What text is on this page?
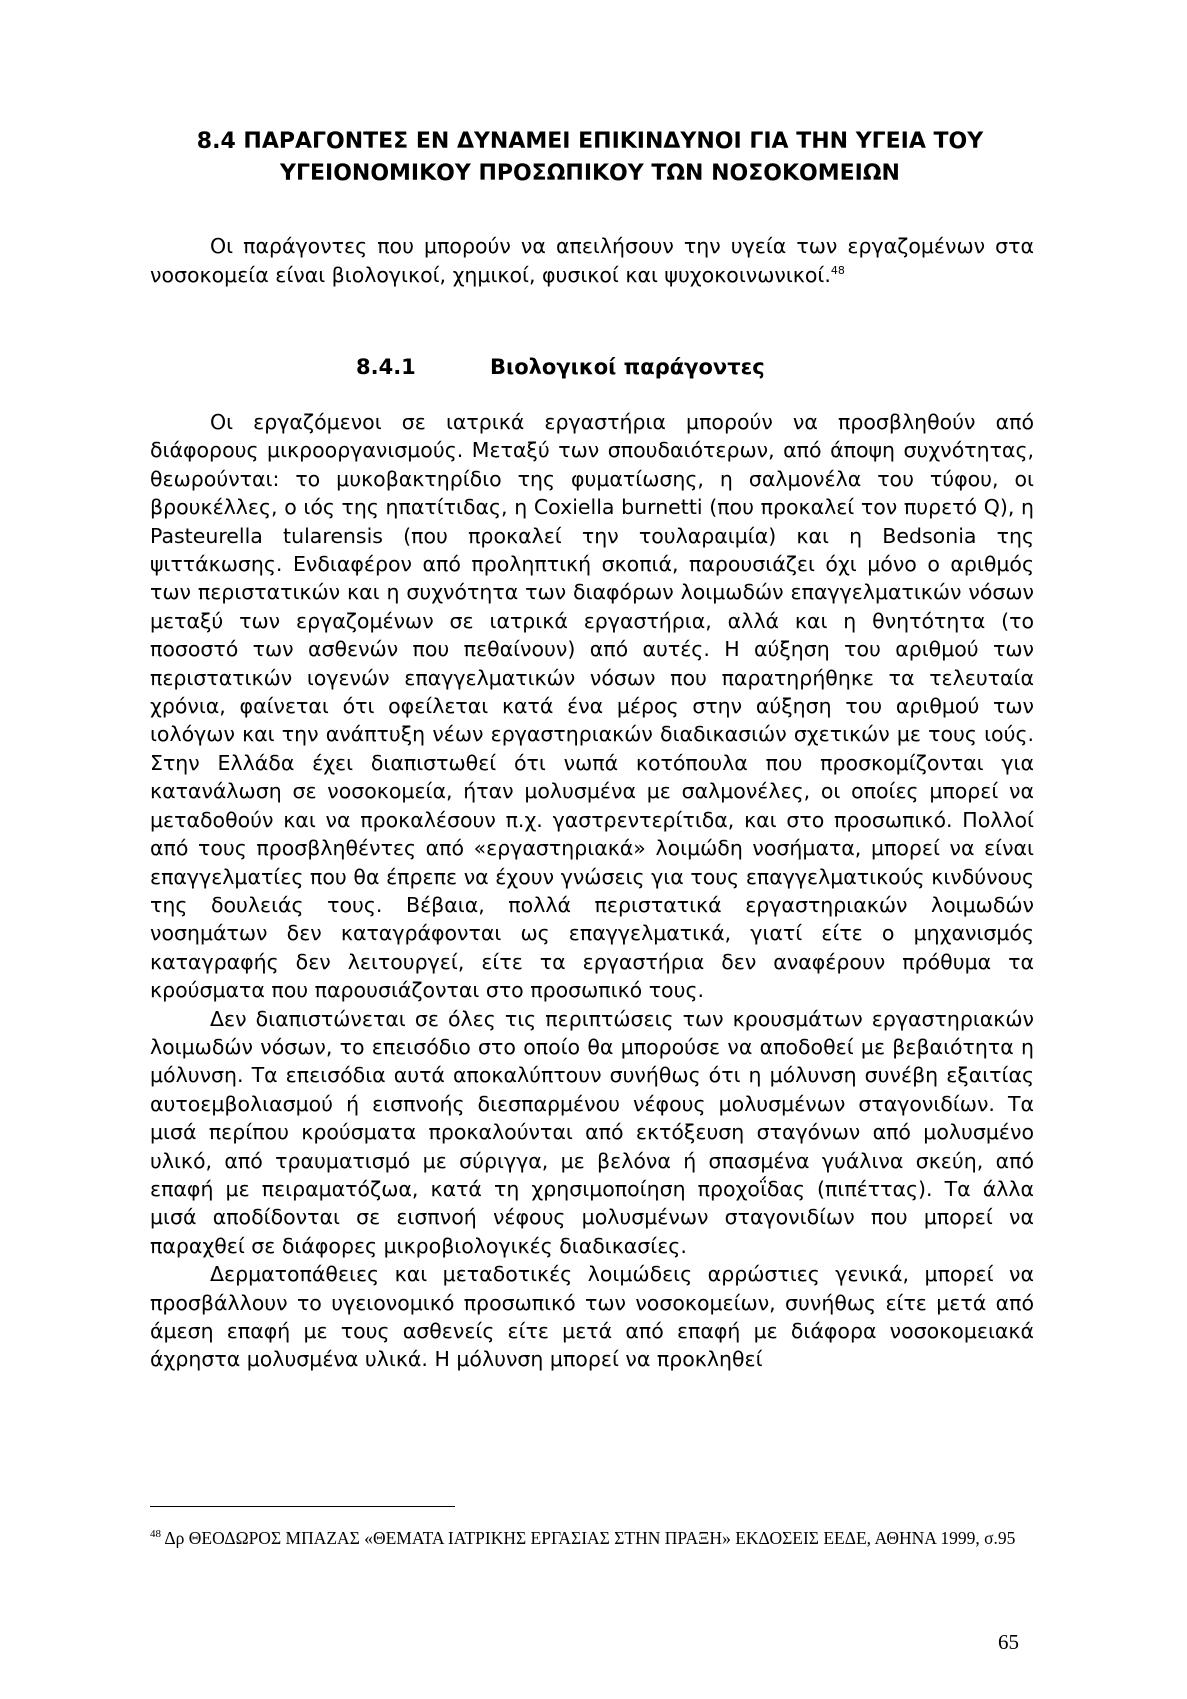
8.4 ΠΑΡΑΓΟΝΤΕΣ ΕΝ ΔΥΝΑΜΕΙ ΕΠΙΚΙΝΔΥΝΟΙ ΓΙΑ ΤΗΝ ΥΓΕΙΑ ΤΟΥ
ΥΓΕΙΟΝΟΜΙΚΟΥ ΠΡΟΣΩΠΙΚΟΥ ΤΩΝ ΝΟΣΟΚΟΜΕΙΩΝ

Οι παράγοντες που μπορούν να απειλήσουν την υγεία των εργαζομένων στα νοσοκομεία είναι βιολογικοί, χημικοί, φυσικοί και ψυχοκοινωνικοί.$^{48}$

8.4.1	Βιολογικοί παράγοντες

Οι εργαζόμενοι σε ιατρικά εργαστήρια μπορούν να προσβληθούν από διάφορους μικροοργανισμούς. Μεταξύ των σπουδαιότερων, από άποψη συχνότητας, θεωρούνται: το μυκοβακτηρίδιο της φυματίωσης, η σαλμονέλα του τύφου, οι βρουκέλλες, ο ιός της ηπατίτιδας, η Coxiella burnetti (που προκαλεί τον πυρετό Q), η Pasteurella tularensis (που προκαλεί την τουλαραιμία) και η Bedsonia της ψιττάκωσης. Ενδιαφέρον από προληπτική σκοπιά, παρουσιάζει όχι μόνο ο αριθμός των περιστατικών και η συχνότητα των διαφόρων λοιμωδών επαγγελματικών νόσων μεταξύ των εργαζομένων σε ιατρικά εργαστήρια, αλλά και η θνητότητα (το ποσοστό των ασθενών που πεθαίνουν) από αυτές. Η αύξηση του αριθμού των περιστατικών ιογενών επαγγελματικών νόσων που παρατηρήθηκε τα τελευταία χρόνια, φαίνεται ότι οφείλεται κατά ένα μέρος στην αύξηση του αριθμού των ιολόγων και την ανάπτυξη νέων εργαστηριακών διαδικασιών σχετικών με τους ιούς. Στην Ελλάδα έχει διαπιστωθεί ότι νωπά κοτόπουλα που προσκομίζονται για κατανάλωση σε νοσοκομεία, ήταν μολυσμένα με σαλμονέλες, οι οποίες μπορεί να μεταδοθούν και να προκαλέσουν π.χ. γαστρεντερίτιδα, και στο προσωπικό. Πολλοί από τους προσβληθέντες από «εργαστηριακά» λοιμώδη νοσήματα, μπορεί να είναι επαγγελματίες που θα έπρεπε να έχουν γνώσεις για τους επαγγελματικούς κινδύνους της δουλειάς τους. Βέβαια, πολλά περιστατικά εργαστηριακών λοιμωδών νοσημάτων δεν καταγράφονται ως επαγγελματικά, γιατί είτε ο μηχανισμός καταγραφής δεν λειτουργεί, είτε τα εργαστήρια δεν αναφέρουν πρόθυμα τα κρούσματα που παρουσιάζονται στο προσωπικό τους.

Δεν διαπιστώνεται σε όλες τις περιπτώσεις των κρουσμάτων εργαστηριακών λοιμωδών νόσων, το επεισόδιο στο οποίο θα μπορούσε να αποδοθεί με βεβαιότητα η μόλυνση. Τα επεισόδια αυτά αποκαλύπτουν συνήθως ότι η μόλυνση συνέβη εξαιτίας αυτοεμβολιασμού ή εισπνοής διεσπαρμένου νέφους μολυσμένων σταγονιδίων. Τα μισά περίπου κρούσματα προκαλούνται από εκτόξευση σταγόνων από μολυσμένο υλικό, από τραυματισμό με σύριγγα, με βελόνα ή σπασμένα γυάλινα σκεύη, από επαφή με πειραματόζωα, κατά τη χρησιμοποίηση προχοΐδας (πιπέττας). Τα άλλα μισά αποδίδονται σε εισπνοή νέφους μολυσμένων σταγονιδίων που μπορεί να παραχθεί σε διάφορες μικροβιολογικές διαδικασίες.

Δερματοπάθειες και μεταδοτικές λοιμώδεις αρρώστιες γενικά, μπορεί να προσβάλλουν το υγειονομικό προσωπικό των νοσοκομείων, συνήθως είτε μετά από άμεση επαφή με τους ασθενείς είτε μετά από επαφή με διάφορα νοσοκομειακά άχρηστα μολυσμένα υλικά. Η μόλυνση μπορεί να προκληθεί

$^{48}$ Δρ ΘΕΟΔΩΡΟΣ ΜΠΑΖΑΣ «ΘΕΜΑΤΑ ΙΑΤΡΙΚΗΣ ΕΡΓΑΣΙΑΣ ΣΤΗΝ ΠΡΑΞΗ» ΕΚΔΟΣΕΙΣ ΕΕΔΕ, ΑΘΗΝΑ 1999, σ.95
65
